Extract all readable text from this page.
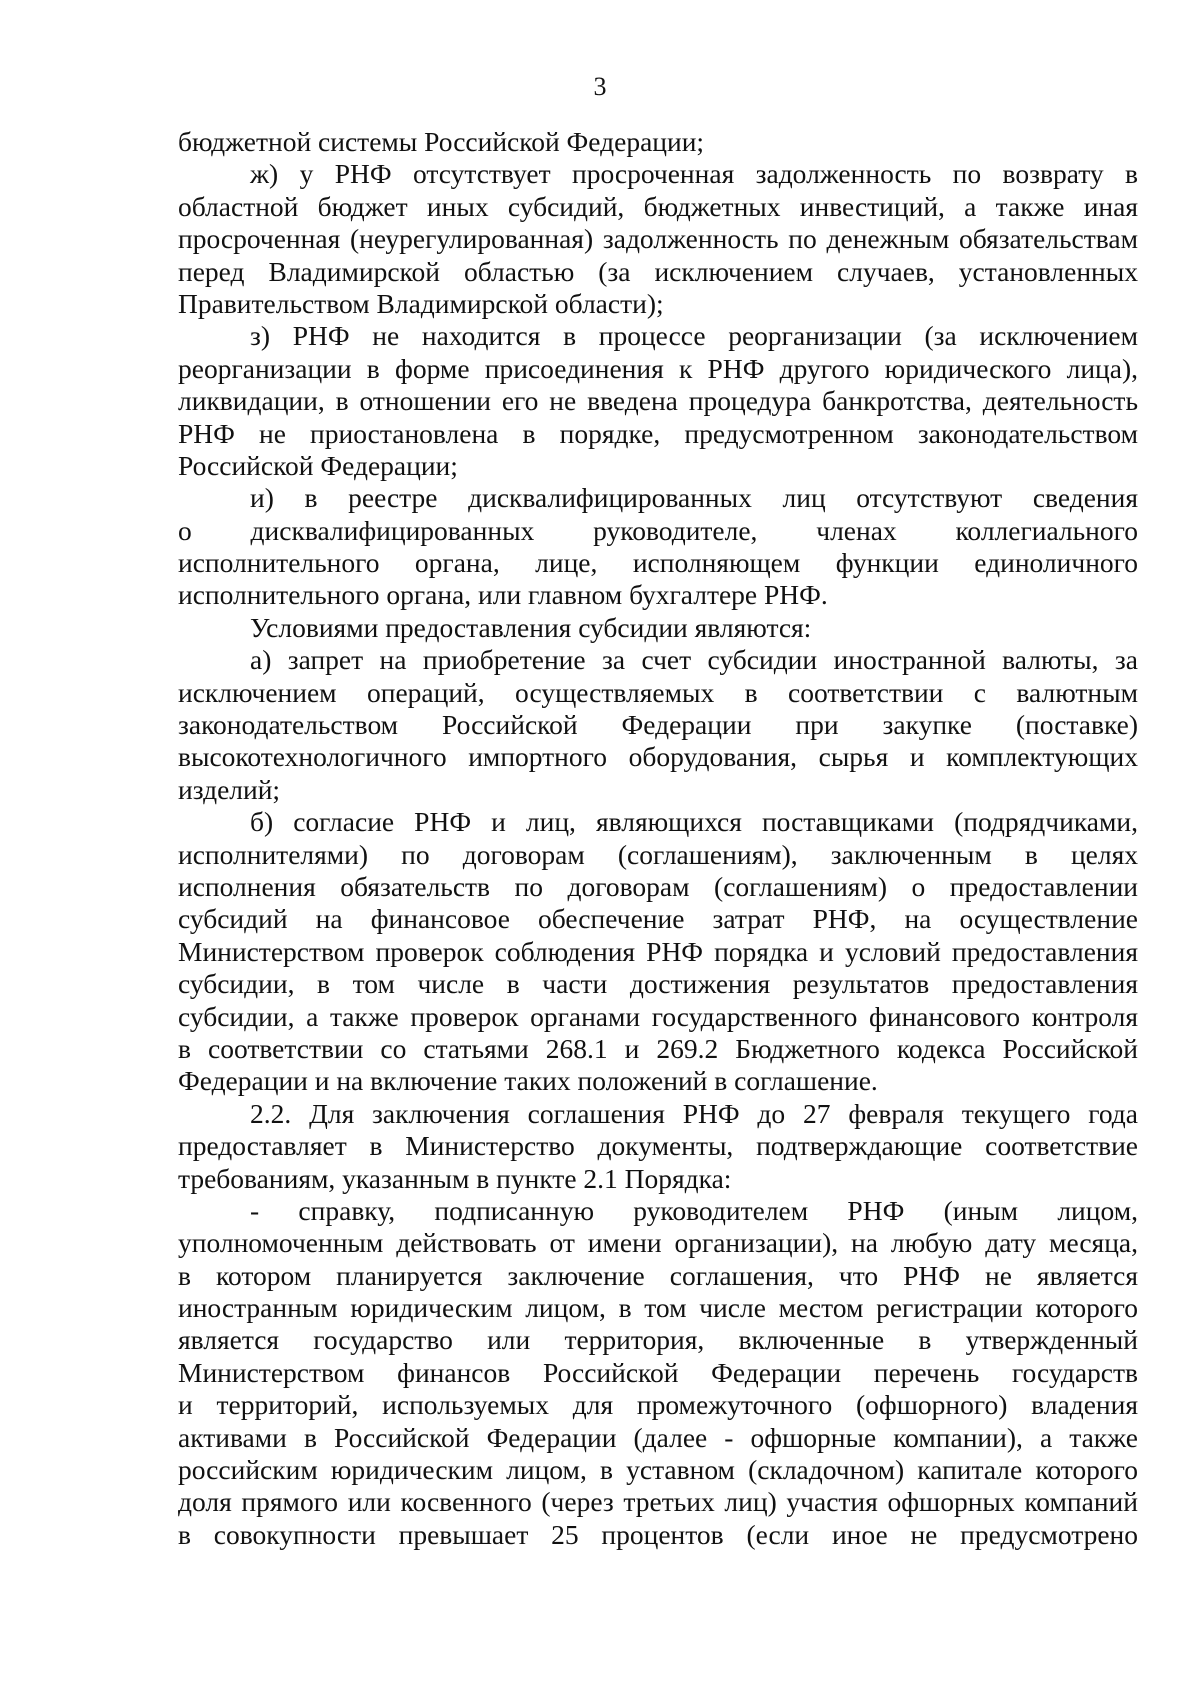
3
бюджетной системы Российской Федерации;
ж) у РНФ отсутствует просроченная задолженность по возврату в
областной бюджет иных субсидий, бюджетных инвестиций, а также иная
просроченная (неурегулированная) задолженность по денежным обязательствам
перед Владимирской областью (за исключением случаев, установленных
Правительством Владимирской области);
з) РНФ не находится в процессе реорганизации (за исключением
реорганизации в форме присоединения к РНФ другого юридического лица),
ликвидации, в отношении его не введена процедура банкротства, деятельность
РНФ не приостановлена в порядке, предусмотренном законодательством
Российской Федерации;
и) в реестре дисквалифицированных лиц отсутствуют сведения
о дисквалифицированных руководителе, членах коллегиального
исполнительного органа, лице, исполняющем функции единоличного
исполнительного органа, или главном бухгалтере РНФ.
Условиями предоставления субсидии являются:
а) запрет на приобретение за счет субсидии иностранной валюты, за
исключением операций, осуществляемых в соответствии с валютным
законодательством Российской Федерации при закупке (поставке)
высокотехнологичного импортного оборудования, сырья и комплектующих
изделий;
б) согласие РНФ и лиц, являющихся поставщиками (подрядчиками,
исполнителями) по договорам (соглашениям), заключенным в целях
исполнения обязательств по договорам (соглашениям) о предоставлении
субсидий на финансовое обеспечение затрат РНФ, на осуществление
Министерством проверок соблюдения РНФ порядка и условий предоставления
субсидии, в том числе в части достижения результатов предоставления
субсидии, а также проверок органами государственного финансового контроля
в соответствии со статьями 268.1 и 269.2 Бюджетного кодекса Российской
Федерации и на включение таких положений в соглашение.
2.2. Для заключения соглашения РНФ до 27 февраля текущего года
предоставляет в Министерство документы, подтверждающие соответствие
требованиям, указанным в пункте 2.1 Порядка:
- справку, подписанную руководителем РНФ (иным лицом,
уполномоченным действовать от имени организации), на любую дату месяца,
в котором планируется заключение соглашения, что РНФ не является
иностранным юридическим лицом, в том числе местом регистрации которого
является государство или территория, включенные в утвержденный
Министерством финансов Российской Федерации перечень государств
и территорий, используемых для промежуточного (офшорного) владения
активами в Российской Федерации (далее - офшорные компании), а также
российским юридическим лицом, в уставном (складочном) капитале которого
доля прямого или косвенного (через третьих лиц) участия офшорных компаний
в совокупности превышает 25 процентов (если иное не предусмотрено
